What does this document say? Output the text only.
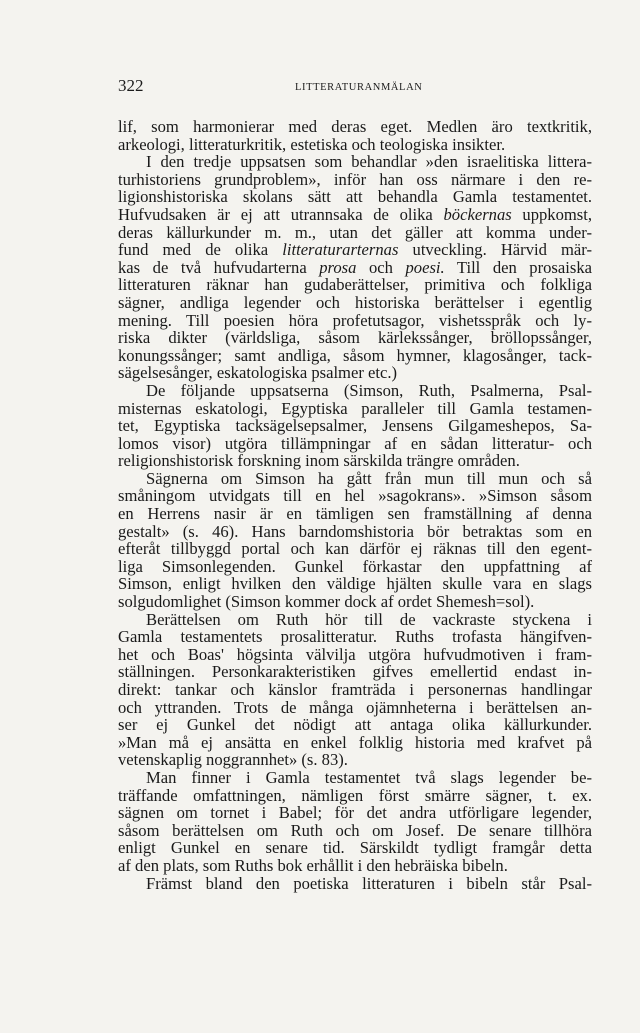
322	LITTERATURANMÄLAN
lif, som harmonierar med deras eget. Medlen äro textkritik,
arkeologi, litteraturkritik, estetiska och teologiska insikter.
I den tredje uppsatsen som behandlar »den israelitiska littera-
turhistoriens grundproblem», inför han oss närmare i den re-
ligionshistoriska skolans sätt att behandla Gamla testamentet.
Hufvudsaken är ej att utrannsaka de olika böckernas uppkomst,
deras källurkunder m. m., utan det gäller att komma under-
fund med de olika litteraturarternas utveckling. Härvid mär-
kas de två hufvudarterna prosa och poesi. Till den prosaiska
litteraturen räknar han gudaberättelser, primitiva och folkliga
sägner, andliga legender och historiska berättelser i egentlig
mening. Till poesien höra profetutsagor, vishetsspråk och ly-
riska dikter (världsliga, såsom kärlekssånger, bröllopssånger,
konungssånger; samt andliga, såsom hymner, klagosånger, tack-
sägelsesånger, eskatologiska psalmer etc.)
De följande uppsatserna (Simson, Ruth, Psalmerna, Psal-
misternas eskatologi, Egyptiska paralleler till Gamla testamen-
tet, Egyptiska tacksägelsepsalmer, Jensens Gilgameshepos, Sa-
lomos visor) utgöra tillämpningar af en sådan litteratur- och
religionshistorisk forskning inom särskilda trängre områden.
Sägnerna om Simson ha gått från mun till mun och så
småningom utvidgats till en hel »sagokrans». »Simson såsom
en Herrens nasir är en tämligen sen framställning af denna
gestalt» (s. 46). Hans barndomshistoria bör betraktas som en
efteråt tillbyggd portal och kan därför ej räknas till den egent-
liga Simsonlegenden. Gunkel förkastar den uppfattning af
Simson, enligt hvilken den väldige hjälten skulle vara en slags
solgudomlighet (Simson kommer dock af ordet Shemesh=sol).
Berättelsen om Ruth hör till de vackraste styckena i
Gamla testamentets prosalitteratur. Ruths trofasta hängifven-
het och Boas' högsinta välvilja utgöra hufvudmotiven i fram-
ställningen. Personkarakteristiken gifves emellertid endast in-
direkt: tankar och känslor framträda i personernas handlingar
och yttranden. Trots de många ojämnheterna i berättelsen an-
ser ej Gunkel det nödigt att antaga olika källurkunder.
»Man må ej ansätta en enkel folklig historia med krafvet på
vetenskaplig noggrannhet» (s. 83).
Man finner i Gamla testamentet två slags legender be-
träffande omfattningen, nämligen först smärre sägner, t. ex.
sägnen om tornet i Babel; för det andra utförligare legender,
såsom berättelsen om Ruth och om Josef. De senare tillhöra
enligt Gunkel en senare tid. Särskildt tydligt framgår detta
af den plats, som Ruths bok erhållit i den hebräiska bibeln.
Främst bland den poetiska litteraturen i bibeln står Psal-
